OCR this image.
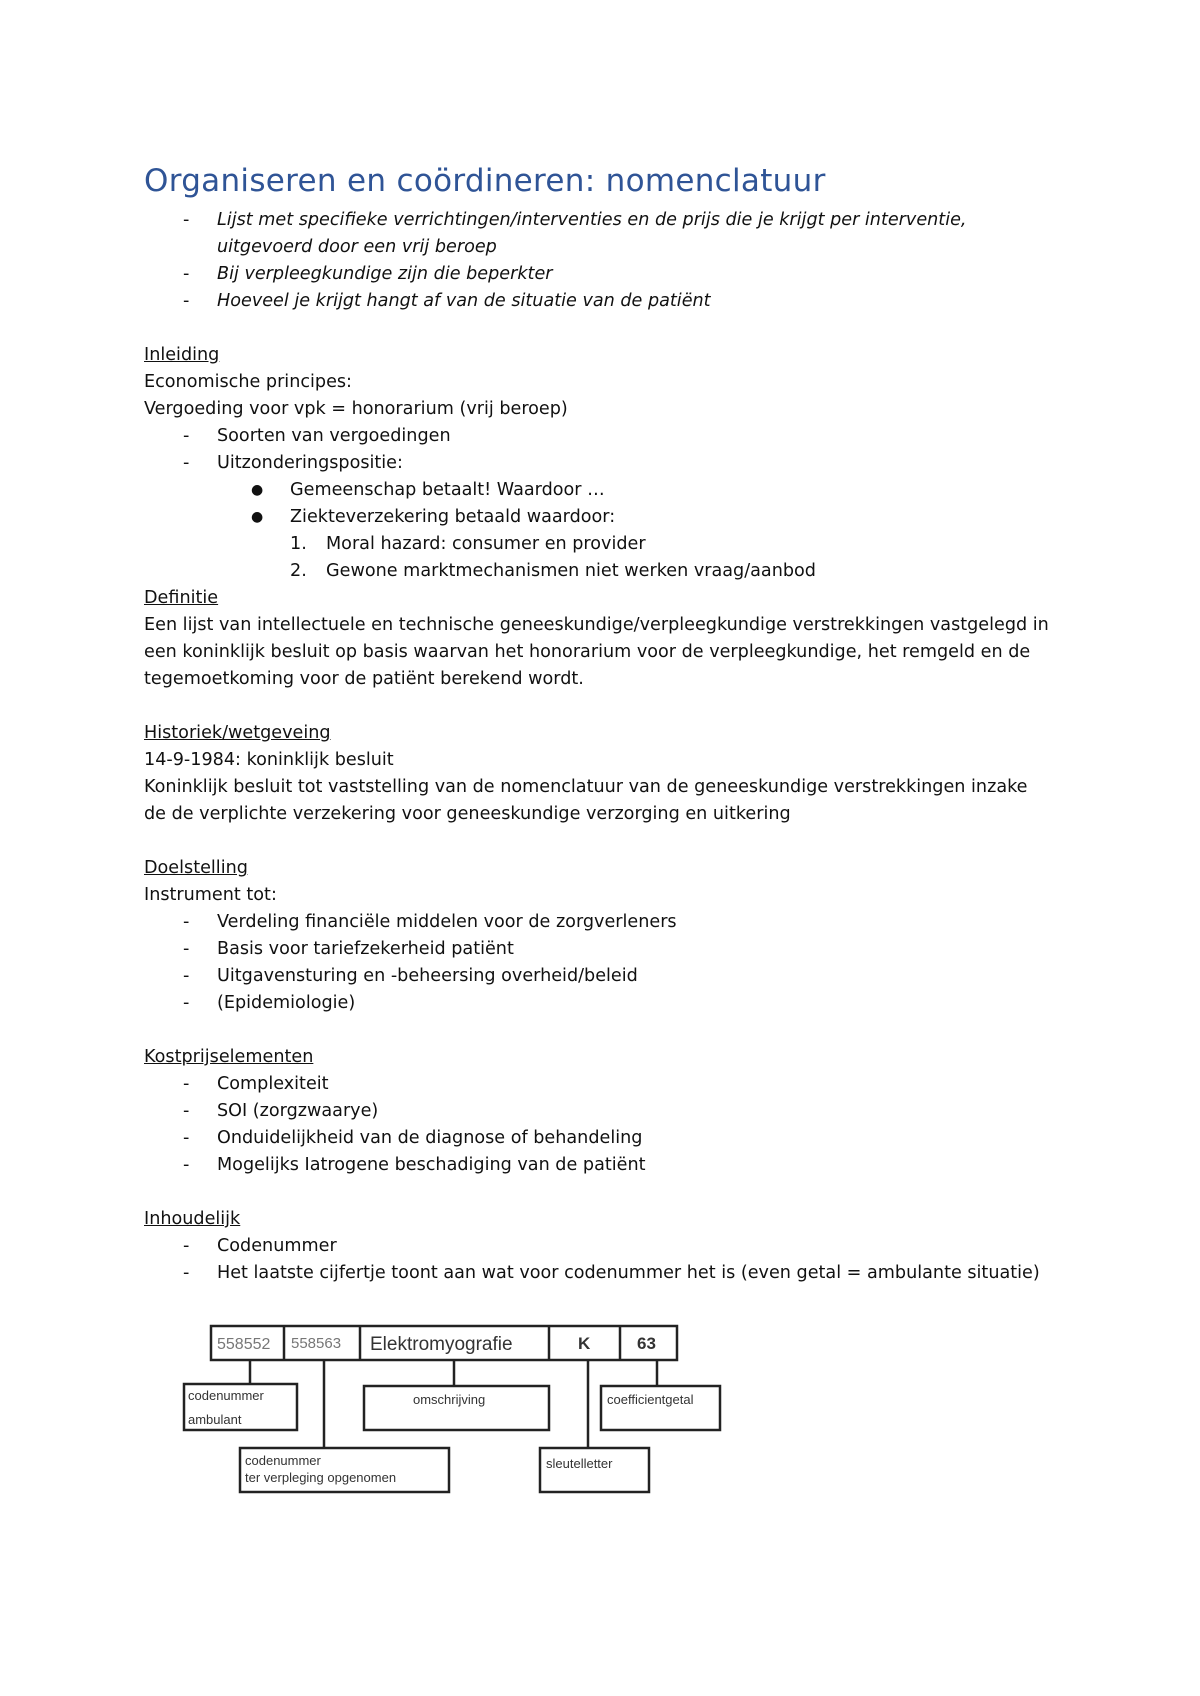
Organiseren en coördineren: nomenclatuur
- Lijst met specifieke verrichtingen/interventies en de prijs die je krijgt per interventie,
uitgevoerd door een vrij beroep
- Bij verpleegkundige zijn die beperkter
- Hoeveel je krijgt hangt af van de situatie van de patiënt
Inleiding
Economische principes:
Vergoeding voor vpk = honorarium (vrij beroep)
- Soorten van vergoedingen
- Uitzonderingspositie:
● Gemeenschap betaalt! Waardoor …
● Ziekteverzekering betaald waardoor:
1. Moral hazard: consumer en provider
2. Gewone marktmechanismen niet werken vraag/aanbod
Definitie
Een lijst van intellectuele en technische geneeskundige/verpleegkundige verstrekkingen vastgelegd in
een koninklijk besluit op basis waarvan het honorarium voor de verpleegkundige, het remgeld en de
tegemoetkoming voor de patiënt berekend wordt.
Historiek/wetgeveing
14-9-1984: koninklijk besluit
Koninklijk besluit tot vaststelling van de nomenclatuur van de geneeskundige verstrekkingen inzake
de de verplichte verzekering voor geneeskundige verzorging en uitkering
Doelstelling
Instrument tot:
- Verdeling financiële middelen voor de zorgverleners
- Basis voor tariefzekerheid patiënt
- Uitgavensturing en -beheersing overheid/beleid
- (Epidemiologie)
Kostprijselementen
- Complexiteit
- SOI (zorgzwaarye)
- Onduidelijkheid van de diagnose of behandeling
- Mogelijks Iatrogene beschadiging van de patiënt
Inhoudelijk
- Codenummer
- Het laatste cijfertje toont aan wat voor codenummer het is (even getal = ambulante situatie)
558552 558563 Elektromyografie	K	63
codenummer
ambulant
omschrijving	coefficientgetal
codenummer
ter verpleging opgenomen
sleutelletter
